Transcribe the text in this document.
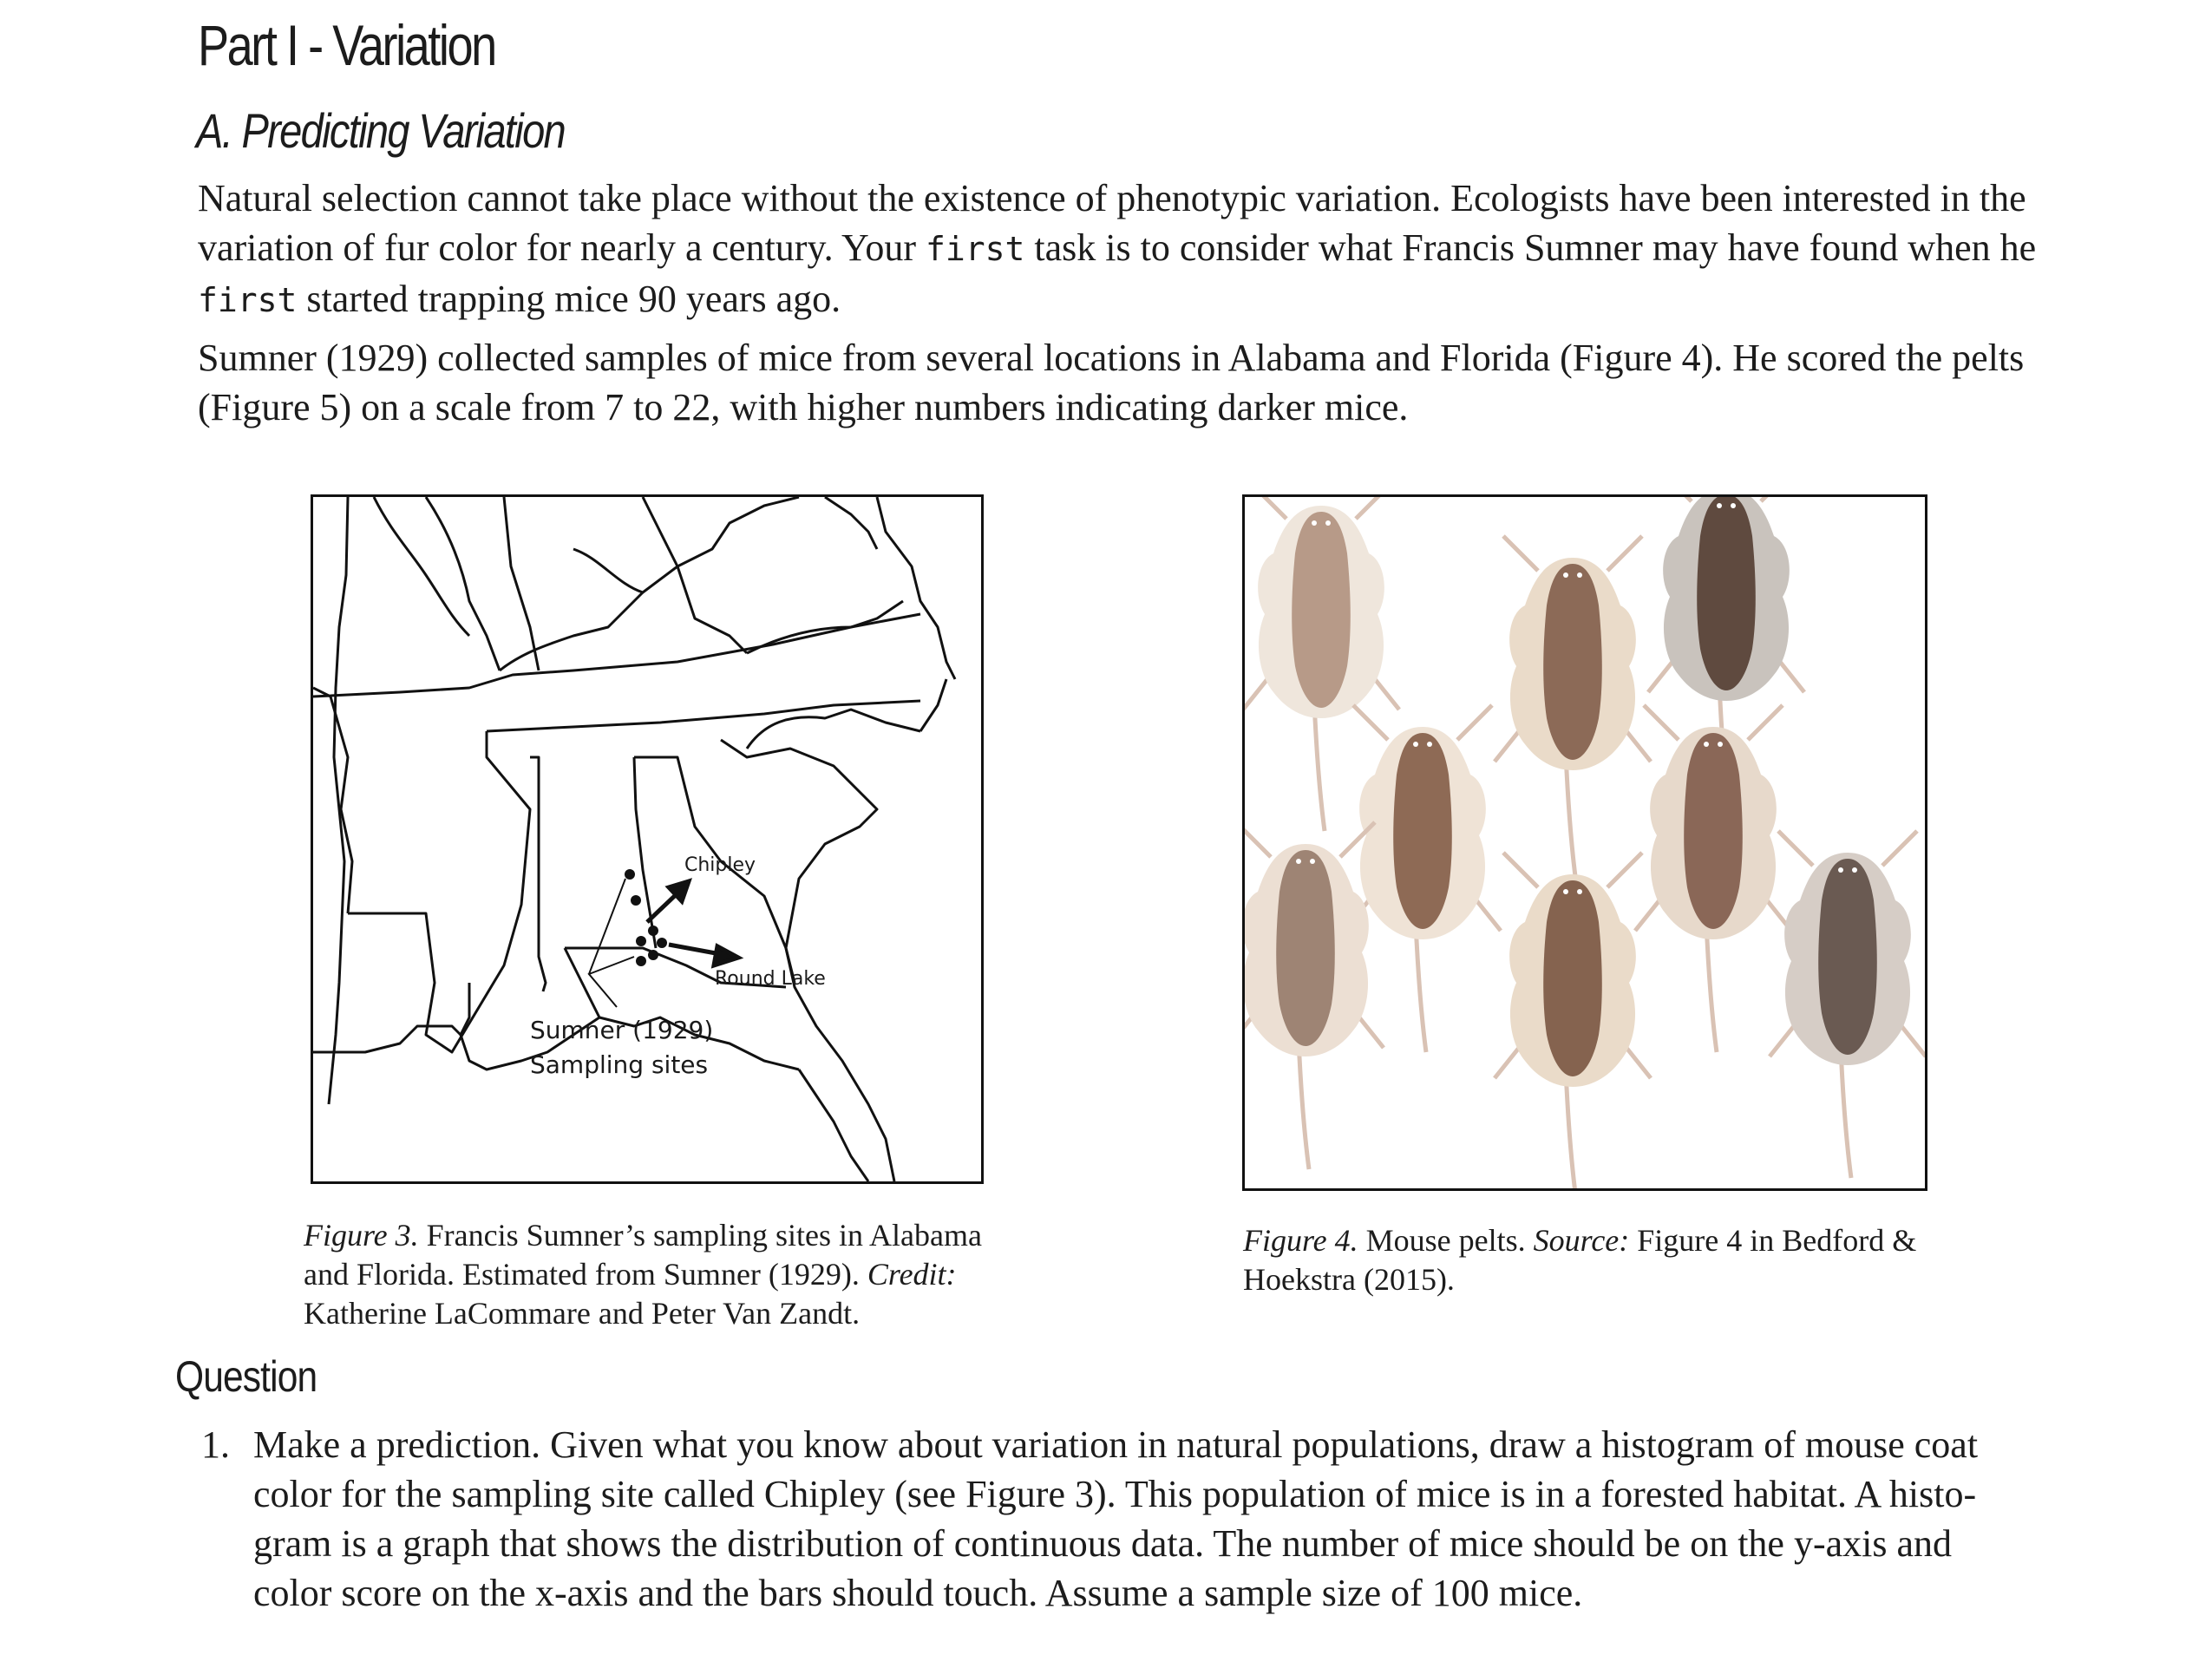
Part I - Variation
A. Predicting Variation

Natural selection cannot take place without the existence of phenotypic variation. Ecologists have been interested in the variation of fur color for nearly a century. Your first task is to consider what Francis Sumner may have found when he first started trapping mice 90 years ago.

Sumner (1929) collected samples of mice from several locations in Alabama and Florida (Figure 4). He scored the pelts (Figure 5) on a scale from 7 to 22, with higher numbers indicating darker mice.

Chipley
Round Lake
Sumner (1929)
Sampling sites

Figure 3. Francis Sumner’s sampling sites in Alabama
and Florida. Estimated from Sumner (1929). Credit:
Katherine LaCommare and Peter Van Zandt.

Figure 4. Mouse pelts. Source: Figure 4 in Bedford &
Hoekstra (2015).

Question

1. Make a prediction. Given what you know about variation in natural populations, draw a histogram of mouse coat
color for the sampling site called Chipley (see Figure 3). This population of mice is in a forested habitat. A histo-
gram is a graph that shows the distribution of continuous data. The number of mice should be on the y-axis and
color score on the x-axis and the bars should touch. Assume a sample size of 100 mice.
